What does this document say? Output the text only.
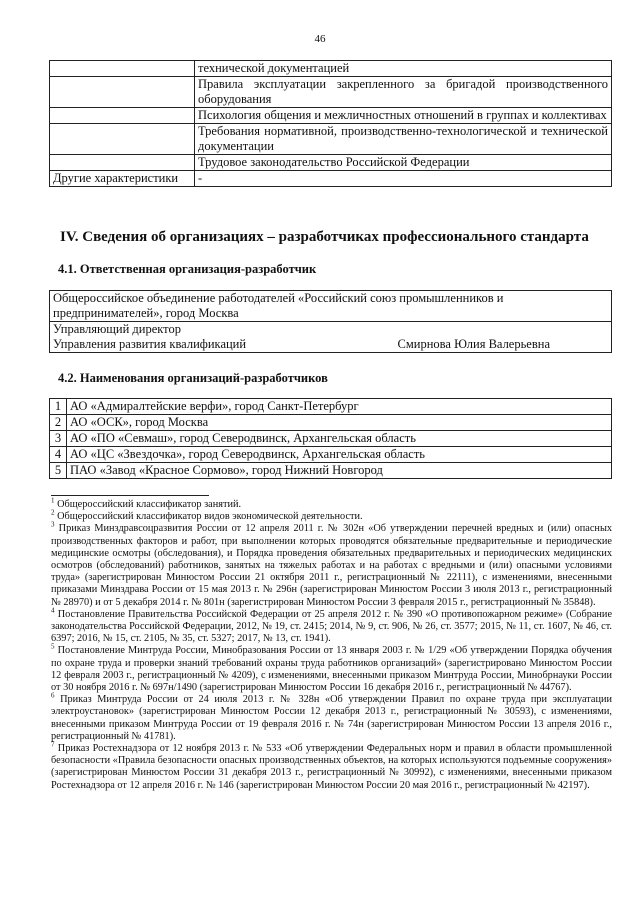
46
	технической документацией
	Правила эксплуатации закрепленного за бригадой производственного оборудования
	Психология общения и межличностных отношений в группах и коллективах
	Требования нормативной, производственно-технологической и технической документации
	Трудовое законодательство Российской Федерации
Другие характеристики	-
IV. Сведения об организациях – разработчиках профессионального стандарта
4.1. Ответственная организация-разработчик
Общероссийское объединение работодателей «Российский союз промышленников и предпринимателей», город Москва

Управляющий директор
Управления развития квалификаций	Смирнова Юлия Валерьевна
4.2. Наименования организаций-разработчиков
1	АО «Адмиралтейские верфи», город Санкт-Петербург
2	АО «ОСК», город Москва
3	АО «ПО «Севмаш», город Северодвинск, Архангельская область
4	АО «ЦС «Звездочка», город Северодвинск, Архангельская область
5	ПАО «Завод «Красное Сормово», город Нижний Новгород

$^1$ Общероссийский классификатор занятий.

$^2$ Общероссийский классификатор видов экономической деятельности.

$^3$ Приказ Минздравсоцразвития России от 12 апреля 2011 г. № 302н «Об утверждении перечней вредных и (или) опасных производственных факторов и работ, при выполнении которых проводятся обязательные предварительные и периодические медицинские осмотры (обследования), и Порядка проведения обязательных предварительных и периодических медицинских осмотров (обследований) работников, занятых на тяжелых работах и на работах с вредными и (или) опасными условиями труда» (зарегистрирован Минюстом России 21 октября 2011 г., регистрационный № 22111), с изменениями, внесенными приказами Минздрава России от 15 мая 2013 г. № 296н (зарегистрирован Минюстом России 3 июля 2013 г., регистрационный № 28970) и от 5 декабря 2014 г. № 801н (зарегистрирован Минюстом России 3 февраля 2015 г., регистрационный № 35848).

$^4$ Постановление Правительства Российской Федерации от 25 апреля 2012 г. № 390 «О противопожарном режиме» (Собрание законодательства Российской Федерации, 2012, № 19, ст. 2415; 2014, № 9, ст. 906, № 26, ст. 3577; 2015, № 11, ст. 1607, № 46, ст. 6397; 2016, № 15, ст. 2105, № 35, ст. 5327; 2017, № 13, ст. 1941).

$^5$ Постановление Минтруда России, Минобразования России от 13 января 2003 г. № 1/29 «Об утверждении Порядка обучения по охране труда и проверки знаний требований охраны труда работников организаций» (зарегистрировано Минюстом России 12 февраля 2003 г., регистрационный № 4209), с изменениями, внесенными приказом Минтруда России, Минобрнауки России от 30 ноября 2016 г. № 697н/1490 (зарегистрирован Минюстом России 16 декабря 2016 г., регистрационный № 44767).

$^6$ Приказ Минтруда России от 24 июля 2013 г. № 328н «Об утверждении Правил по охране труда при эксплуатации электроустановок» (зарегистрирован Минюстом России 12 декабря 2013 г., регистрационный № 30593), с изменениями, внесенными приказом Минтруда России от 19 февраля 2016 г. № 74н (зарегистрирован Минюстом России 13 апреля 2016 г., регистрационный № 41781).

$^7$ Приказ Ростехнадзора от 12 ноября 2013 г. № 533 «Об утверждении Федеральных норм и правил в области промышленной безопасности «Правила безопасности опасных производственных объектов, на которых используются подъемные сооружения» (зарегистрирован Минюстом России 31 декабря 2013 г., регистрационный № 30992), с изменениями, внесенными приказом Ростехнадзора от 12 апреля 2016 г. № 146 (зарегистрирован Минюстом России 20 мая 2016 г., регистрационный № 42197).
